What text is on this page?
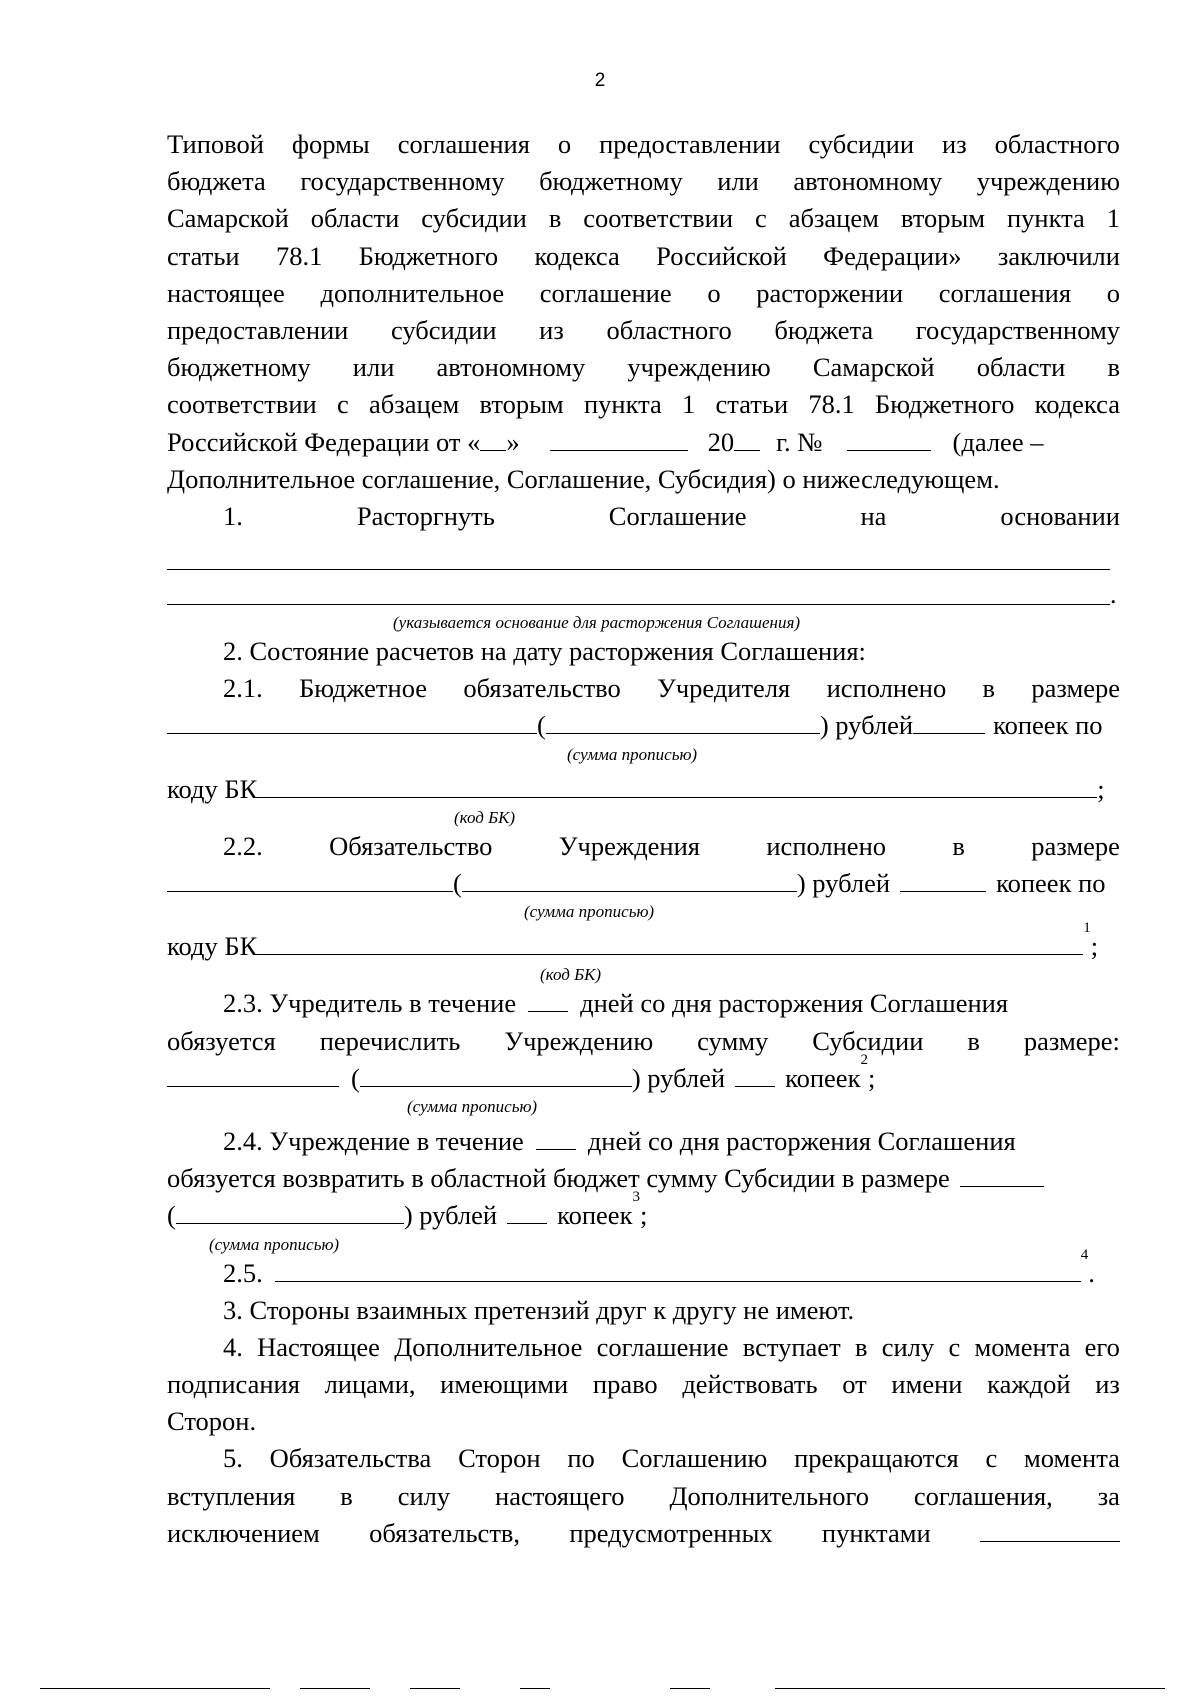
2
Типовой формы соглашения о предоставлении субсидии из областного
бюджета государственному бюджетному или автономному учреждению
Самарской области субсидии в соответствии с абзацем вторым пункта 1
статьи 78.1 Бюджетного кодекса Российской Федерации» заключили
настоящее дополнительное соглашение о расторжении соглашения о
предоставлении субсидии из областного бюджета государственному
бюджетному или автономному учреждению Самарской области в
соответствии с абзацем вторым пункта 1 статьи 78.1 Бюджетного кодекса
Российской Федерации от « »	20 г. №	(далее –
Дополнительное соглашение, Соглашение, Субсидия) о нижеследующем.
1.	Расторгнуть	Соглашение	на	основании
.
(указывается основание для расторжения Соглашения)
2. Состояние расчетов на дату расторжения Соглашения:
2.1. Бюджетное обязательство Учредителя исполнено в размере
(	) рублей	копеек по
(сумма прописью)
коду БК	;
(код БК)
2.2.	Обязательство	Учреждения	исполнено	в	размере
(	) рублей	копеек по
(сумма прописью)
коду БК
1
;
(код БК)
2.3. Учредитель в течение дней со дня расторжения Соглашения
обязуется перечислить Учреждению сумму Субсидии в размере:
(	) рублей копеек
2
;
(сумма прописью)
2.4. Учреждение в течение дней со дня расторжения Соглашения
обязуется возвратить в областной бюджет сумму Субсидии в размере
(	) рублей копеек
3
;
(сумма прописью)
2.5.
4
.
3. Стороны взаимных претензий друг к другу не имеют.
4. Настоящее Дополнительное соглашение вступает в силу с момента его
подписания лицами, имеющими право действовать от имени каждой из
Сторон.
5. Обязательства Сторон по Соглашению прекращаются с момента
вступления в силу настоящего Дополнительного соглашения, за
исключением обязательств, предусмотренных пунктами
